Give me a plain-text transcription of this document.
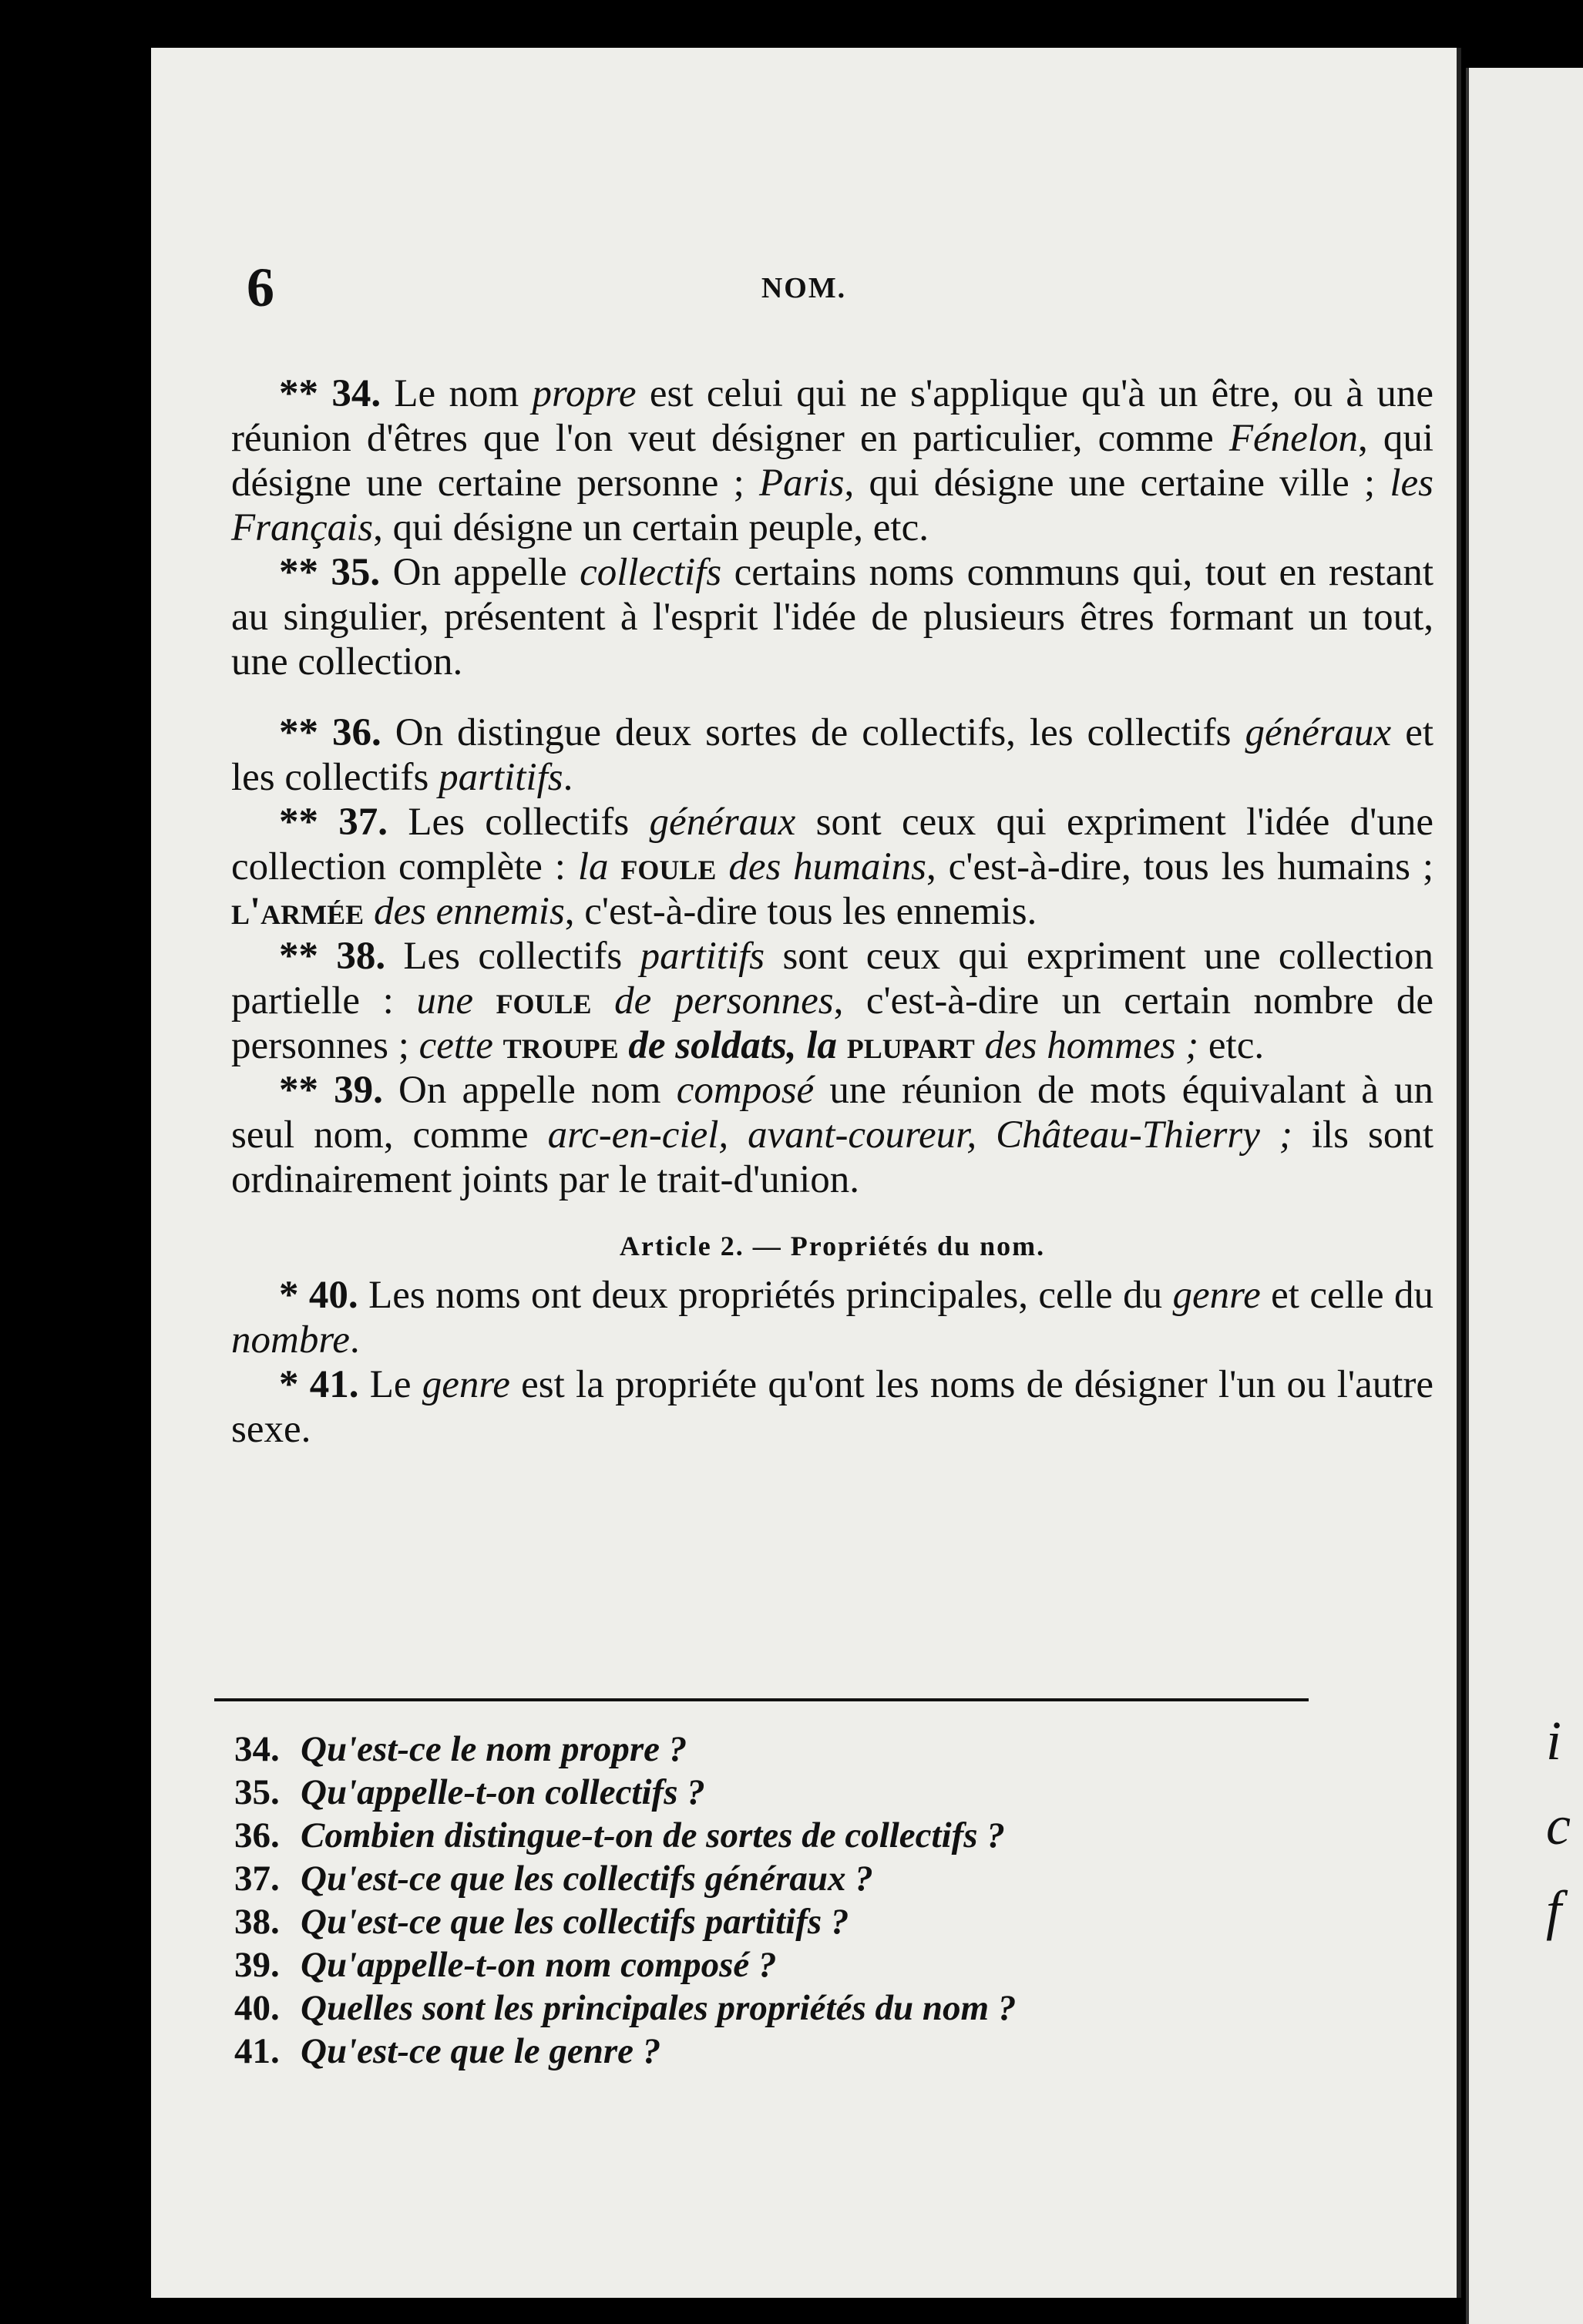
6	NOM.

** 34. Le nom propre est celui qui ne s'applique qu'à un être, ou à une réunion d'êtres que l'on veut désigner en particulier, comme Fénelon, qui désigne une certaine personne ; Paris, qui désigne une certaine ville ; les Français, qui désigne un certain peuple, etc.

** 35. On appelle collectifs certains noms communs qui, tout en restant au singulier, présentent à l'esprit l'idée de plusieurs êtres formant un tout, une collection.

** 36. On distingue deux sortes de collectifs, les collectifs généraux et les collectifs partitifs.

** 37. Les collectifs généraux sont ceux qui expriment l'idée d'une collection complète : la foule des humains, c'est-à-dire, tous les humains ; l'armée des ennemis, c'est-à-dire tous les ennemis.

** 38. Les collectifs partitifs sont ceux qui expriment une collection partielle : une foule de personnes, c'est-à-dire un certain nombre de personnes ; cette troupe de soldats, la plupart des hommes ; etc.

** 39. On appelle nom composé une réunion de mots équivalant à un seul nom, comme arc-en-ciel, avant-coureur, Château-Thierry ; ils sont ordinairement joints par le trait-d'union.

Article 2. — Propriétés du nom.

* 40. Les noms ont deux propriétés principales, celle du genre et celle du nombre.

* 41. Le genre est la propriéte qu'ont les noms de désigner l'un ou l'autre sexe.

34. Qu'est-ce le nom propre ?
35. Qu'appelle-t-on collectifs ?
36. Combien distingue-t-on de sortes de collectifs ?
37. Qu'est-ce que les collectifs généraux ?
38. Qu'est-ce que les collectifs partitifs ?
39. Qu'appelle-t-on nom composé ?
40. Quelles sont les principales propriétés du nom ?
41. Qu'est-ce que le genre ?
i
c
f
